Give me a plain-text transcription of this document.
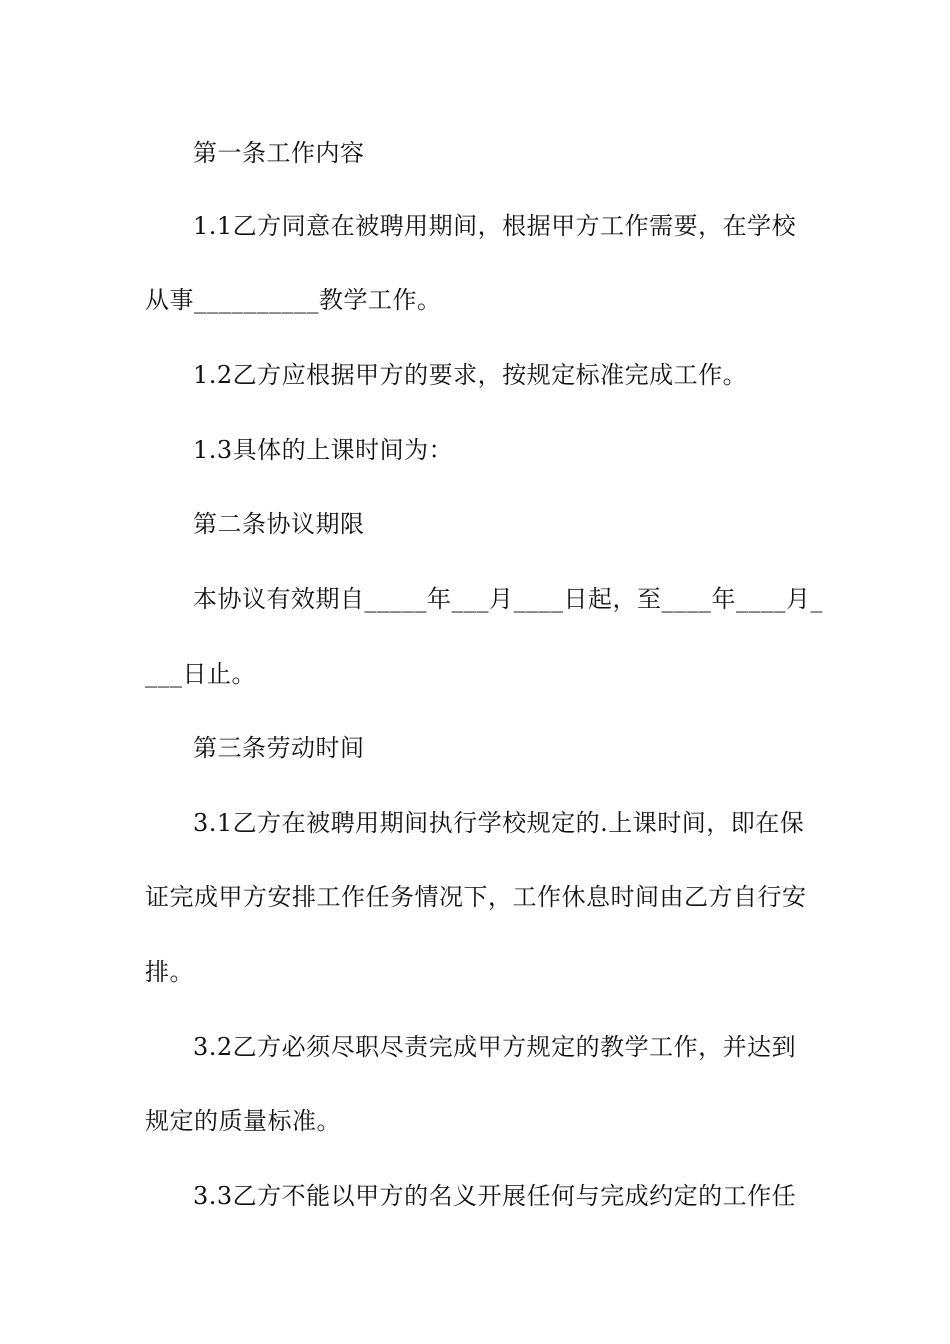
第一条工作内容
1.1乙方同意在被聘用期间，根据甲方工作需要，在学校
从事__________教学工作。
1.2乙方应根据甲方的要求，按规定标准完成工作。
1.3具体的上课时间为：
第二条协议期限
本协议有效期自_____年___月____日起，至____年____月_
___日止。
第三条劳动时间
3.1乙方在被聘用期间执行学校规定的.上课时间，即在保
证完成甲方安排工作任务情况下，工作休息时间由乙方自行安
排。
3.2乙方必须尽职尽责完成甲方规定的教学工作，并达到
规定的质量标准。
3.3乙方不能以甲方的名义开展任何与完成约定的工作任
